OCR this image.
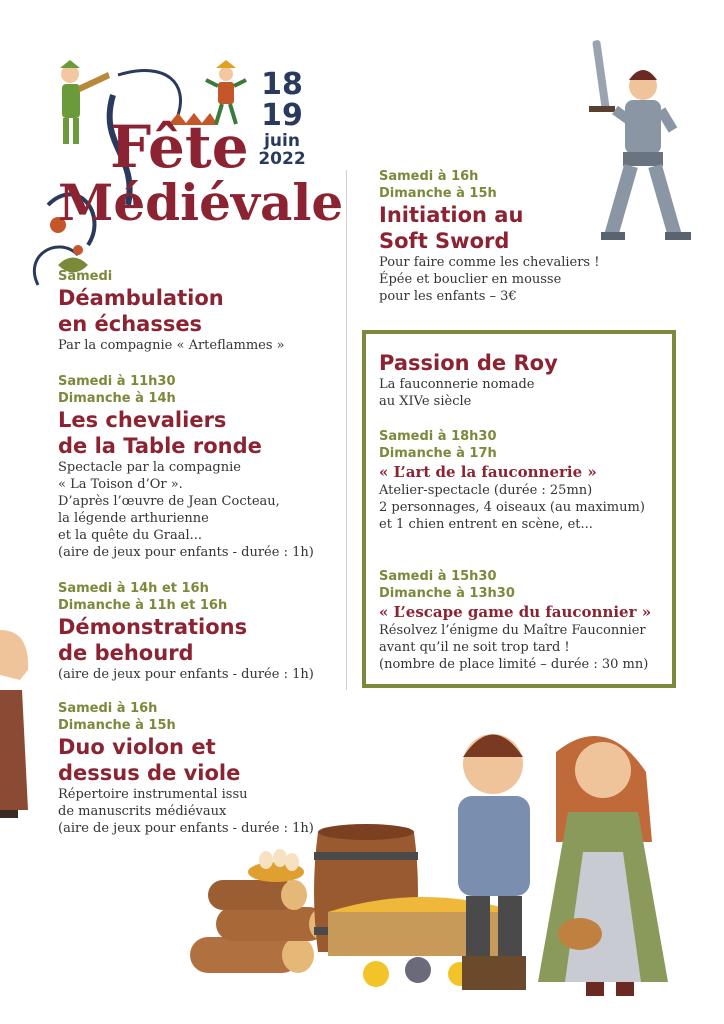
Fête
Médiévale
18
19
juin
2022
Samedi
Déambulation
en échasses
Par la compagnie « Arteflammes »
Samedi à 11h30
Dimanche à 14h
Les chevaliers
de la Table ronde
Spectacle par la compagnie
« La Toison d’Or ».
D’après l’œuvre de Jean Cocteau,
la légende arthurienne
et la quête du Graal...
(aire de jeux pour enfants - durée : 1h)
Samedi à 14h et 16h
Dimanche à 11h et 16h
Démonstrations
de behourd
(aire de jeux pour enfants - durée : 1h)
Samedi à 16h
Dimanche à 15h
Duo violon et
dessus de viole
Répertoire instrumental issu
de manuscrits médiévaux
(aire de jeux pour enfants - durée : 1h)
Samedi à 16h
Dimanche à 15h
Initiation au
Soft Sword
Pour faire comme les chevaliers !
Épée et bouclier en mousse
pour les enfants – 3€
Passion de Roy
La fauconnerie nomade
au XIVe siècle
Samedi à 18h30
Dimanche à 17h
« L’art de la fauconnerie »
Atelier-spectacle (durée : 25mn)
2 personnages, 4 oiseaux (au maximum)
et 1 chien entrent en scène, et...
Samedi à 15h30
Dimanche à 13h30
« L’escape game du fauconnier »
Résolvez l’énigme du Maître Fauconnier
avant qu’il ne soit trop tard !
(nombre de place limité – durée : 30 mn)
